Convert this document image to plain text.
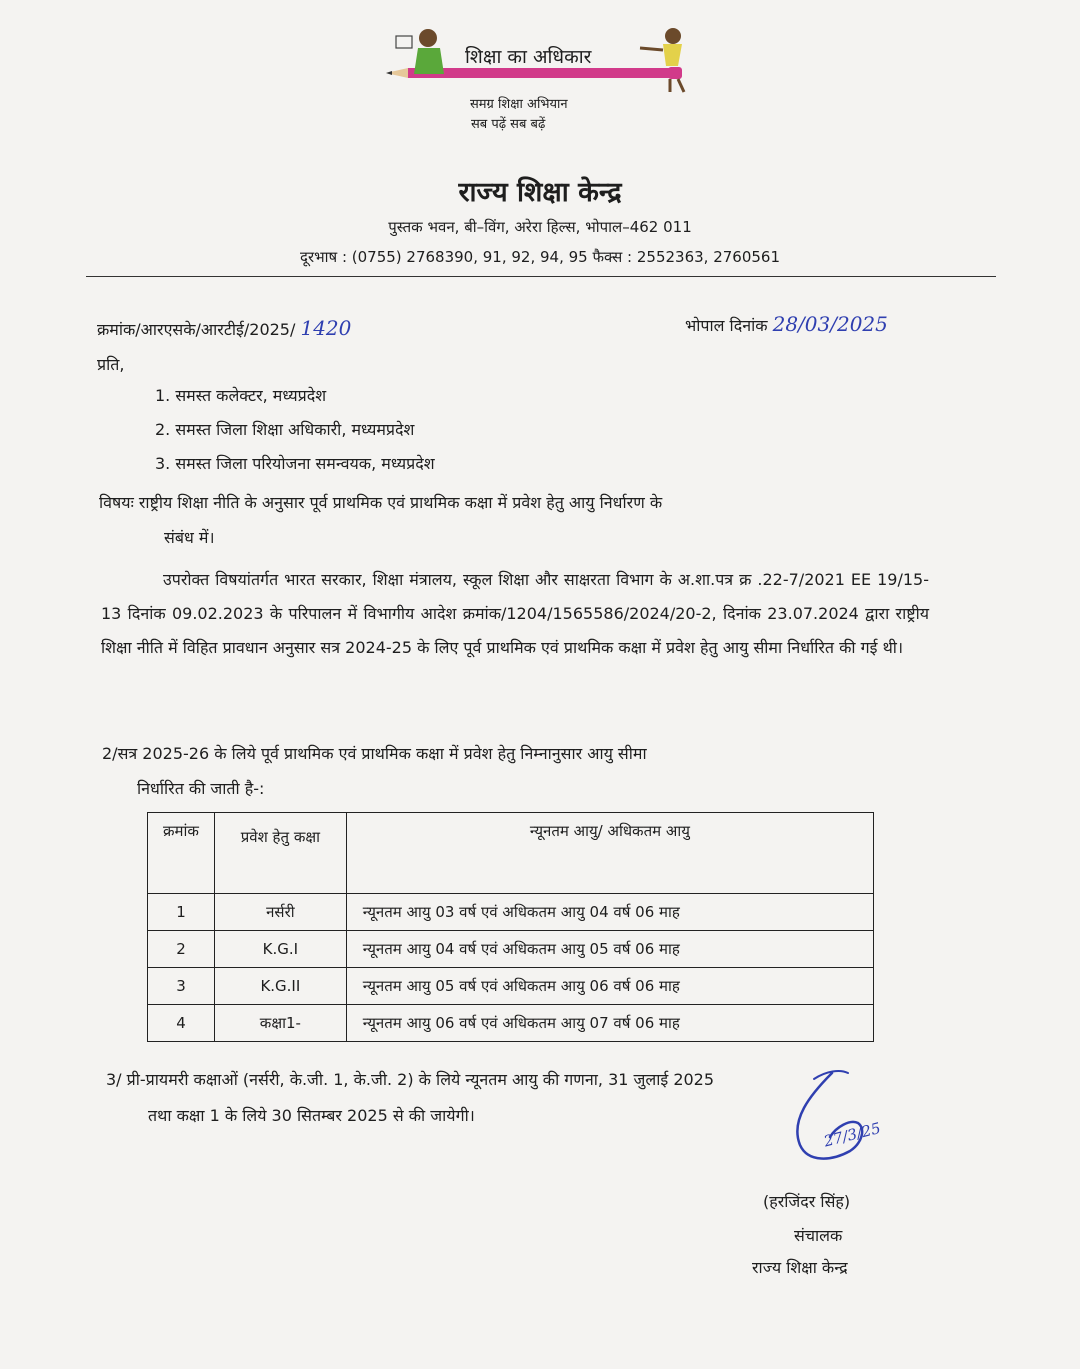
शिक्षा का अधिकार
समग्र शिक्षा अभियान
सब पढ़ें सब बढ़ें
राज्य शिक्षा केन्द्र
पुस्तक भवन, बी–विंग, अरेरा हिल्स, भोपाल–462 011
दूरभाष : (0755) 2768390, 91, 92, 94, 95 फैक्स : 2552363, 2760561
क्रमांक/आरएसके/आरटीई/2025/ 1420	भोपाल दिनांक 28/03/2025
प्रति,
1. समस्त कलेक्टर, मध्यप्रदेश
2. समस्त जिला शिक्षा अधिकारी, मध्यमप्रदेश
3. समस्त जिला परियोजना समन्वयक, मध्यप्रदेश
विषयः राष्ट्रीय शिक्षा नीति के अनुसार पूर्व प्राथमिक एवं प्राथमिक कक्षा में प्रवेश हेतु आयु निर्धारण के
संबंध में।
उपरोक्त विषयांतर्गत भारत सरकार, शिक्षा मंत्रालय, स्कूल शिक्षा और साक्षरता विभाग के अ.शा.पत्र क्र .22-7/2021 EE 19/15-13 दिनांक 09.02.2023 के परिपालन में विभागीय आदेश क्रमांक/1204/1565586/2024/20-2, दिनांक 23.07.2024 द्वारा राष्ट्रीय शिक्षा नीति में विहित प्रावधान अनुसार सत्र 2024-25 के लिए पूर्व प्राथमिक एवं प्राथमिक कक्षा में प्रवेश हेतु आयु सीमा निर्धारित की गई थी।
2/सत्र 2025-26 के लिये पूर्व प्राथमिक एवं प्राथमिक कक्षा में प्रवेश हेतु निम्नानुसार आयु सीमा
निर्धारित की जाती है-:
क्रमांक	प्रवेश हेतु कक्षा	न्यूनतम आयु/ अधिकतम आयु
1	नर्सरी	न्यूनतम आयु 03 वर्ष एवं अधिकतम आयु 04 वर्ष 06 माह
2	K.G.I	न्यूनतम आयु 04 वर्ष एवं अधिकतम आयु 05 वर्ष 06 माह
3	K.G.II	न्यूनतम आयु 05 वर्ष एवं अधिकतम आयु 06 वर्ष 06 माह
4	कक्षा1-	न्यूनतम आयु 06 वर्ष एवं अधिकतम आयु 07 वर्ष 06 माह
3/ प्री-प्रायमरी कक्षाओं (नर्सरी, के.जी. 1, के.जी. 2) के लिये न्यूनतम आयु की गणना, 31 जुलाई 2025
तथा कक्षा 1 के लिये 30 सितम्बर 2025 से की जायेगी।
27/3/25
(हरजिंदर सिंह)
संचालक
राज्य शिक्षा केन्द्र
